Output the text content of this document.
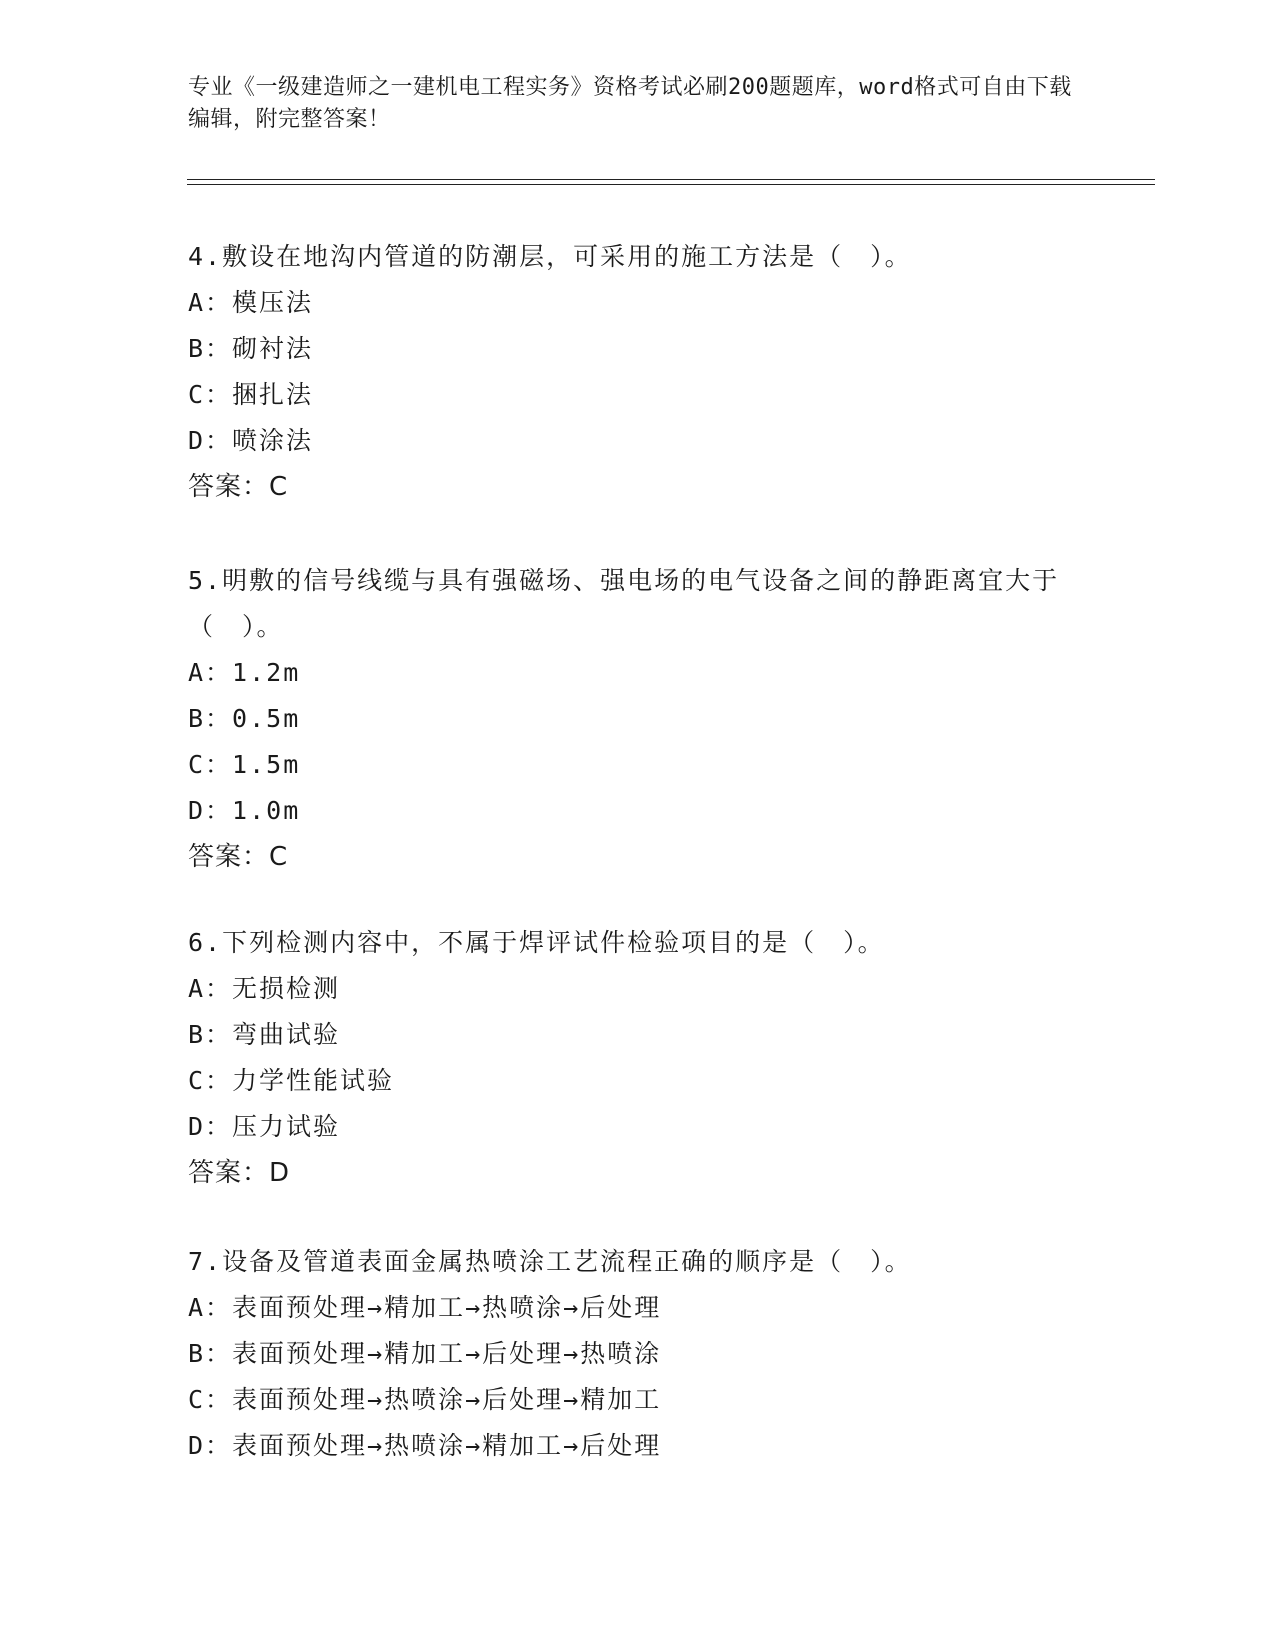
专业《一级建造师之一建机电工程实务》资格考试必刷200题题库，word格式可自由下载编辑，附完整答案！
4.敷设在地沟内管道的防潮层，可采用的施工方法是（　）。
A：模压法
B：砌衬法
C：捆扎法
D：喷涂法
答案：C
5.明敷的信号线缆与具有强磁场、强电场的电气设备之间的静距离宜大于（　）。
A：1.2m
B：0.5m
C：1.5m
D：1.0m
答案：C
6.下列检测内容中，不属于焊评试件检验项目的是（　）。
A：无损检测
B：弯曲试验
C：力学性能试验
D：压力试验
答案：D
7.设备及管道表面金属热喷涂工艺流程正确的顺序是（　）。
A：表面预处理→精加工→热喷涂→后处理
B：表面预处理→精加工→后处理→热喷涂
C：表面预处理→热喷涂→后处理→精加工
D：表面预处理→热喷涂→精加工→后处理
